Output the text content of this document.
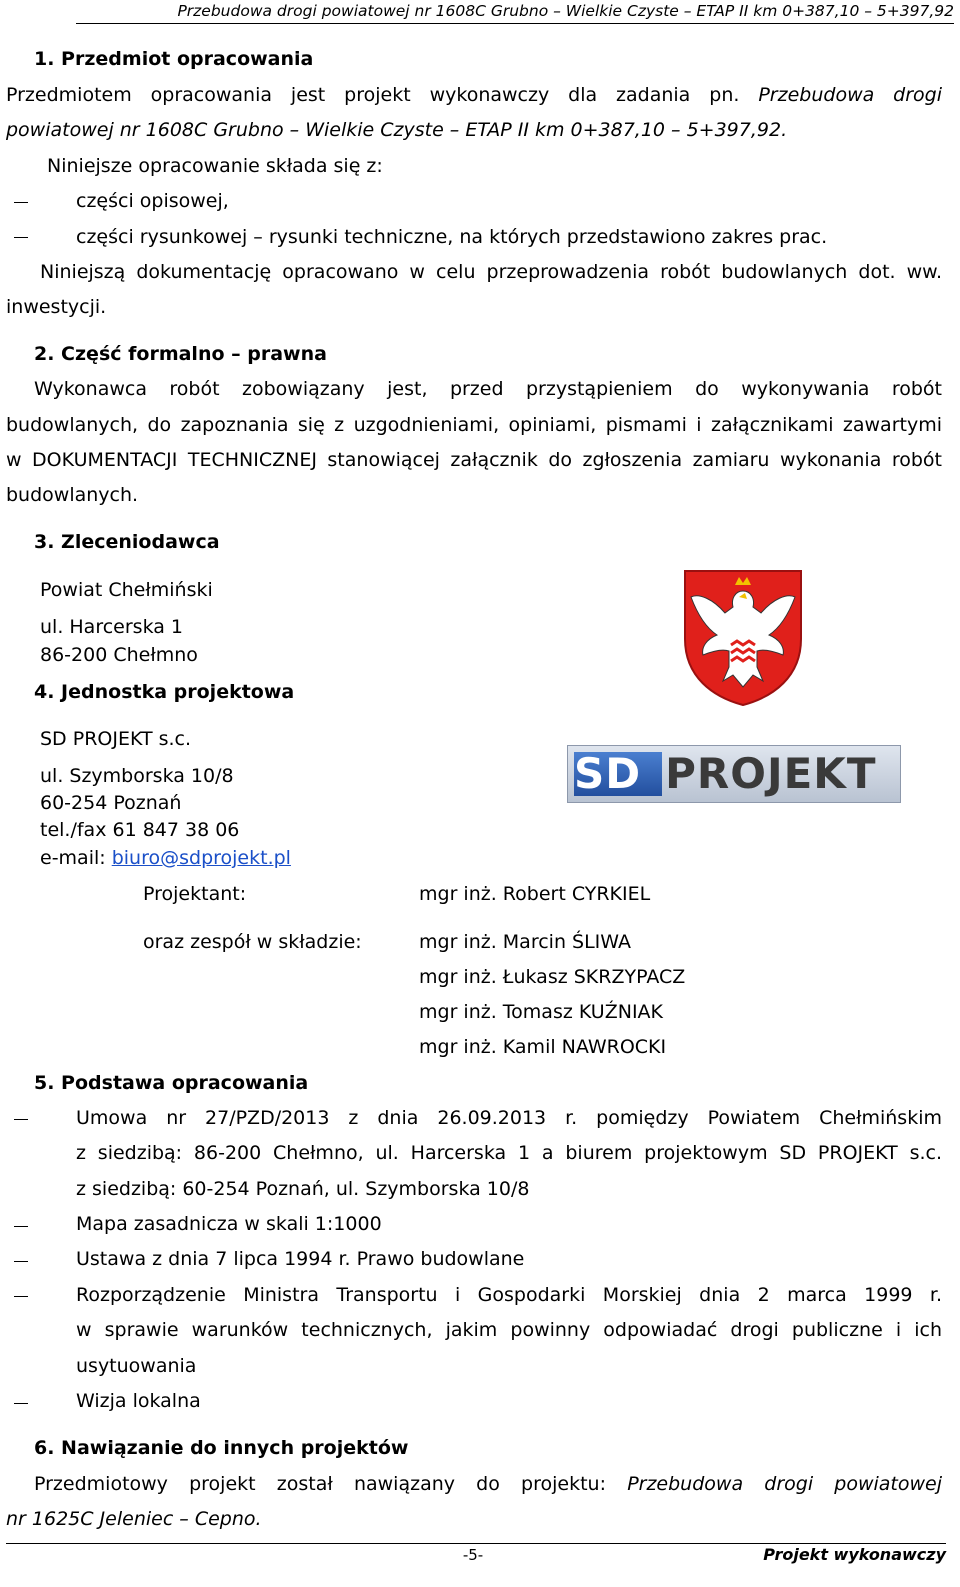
Przebudowa drogi powiatowej nr 1608C Grubno – Wielkie Czyste – ETAP II km 0+387,10 – 5+397,92
1. Przedmiot opracowania
Przedmiotem opracowania jest projekt wykonawczy dla zadania pn. Przebudowa drogi
powiatowej nr 1608C Grubno – Wielkie Czyste – ETAP II km 0+387,10 – 5+397,92.
Niniejsze opracowanie składa się z:
części opisowej,
części rysunkowej – rysunki techniczne, na których przedstawiono zakres prac.
Niniejszą dokumentację opracowano w celu przeprowadzenia robót budowlanych dot. ww.
inwestycji.
2. Część formalno – prawna
Wykonawca robót zobowiązany jest, przed przystąpieniem do wykonywania robót
budowlanych, do zapoznania się z uzgodnieniami, opiniami, pismami i załącznikami zawartymi
w DOKUMENTACJI TECHNICZNEJ stanowiącej załącznik do zgłoszenia zamiaru wykonania robót
budowlanych.
3. Zleceniodawca
Powiat Chełmiński
ul. Harcerska 1
86-200 Chełmno
4. Jednostka projektowa
SD PROJEKT s.c.
ul. Szymborska 10/8
60-254 Poznań
tel./fax 61 847 38 06
e-mail: biuro@sdprojekt.pl
SD PROJEKT
Projektant:	mgr inż. Robert CYRKIEL
oraz zespół w składzie:	mgr inż. Marcin ŚLIWA
mgr inż. Łukasz SKRZYPACZ
mgr inż. Tomasz KUŹNIAK
mgr inż. Kamil NAWROCKI
5. Podstawa opracowania
Umowa nr 27/PZD/2013 z dnia 26.09.2013 r. pomiędzy Powiatem Chełmińskim
z siedzibą: 86-200 Chełmno, ul. Harcerska 1 a biurem projektowym SD PROJEKT s.c.
z siedzibą: 60-254 Poznań, ul. Szymborska 10/8
Mapa zasadnicza w skali 1:1000
Ustawa z dnia 7 lipca 1994 r. Prawo budowlane
Rozporządzenie Ministra Transportu i Gospodarki Morskiej dnia 2 marca 1999 r.
w sprawie warunków technicznych, jakim powinny odpowiadać drogi publiczne i ich
usytuowania
Wizja lokalna
6. Nawiązanie do innych projektów
Przedmiotowy projekt został nawiązany do projektu: Przebudowa drogi powiatowej
nr 1625C Jeleniec – Cepno.
-5-	Projekt wykonawczy
